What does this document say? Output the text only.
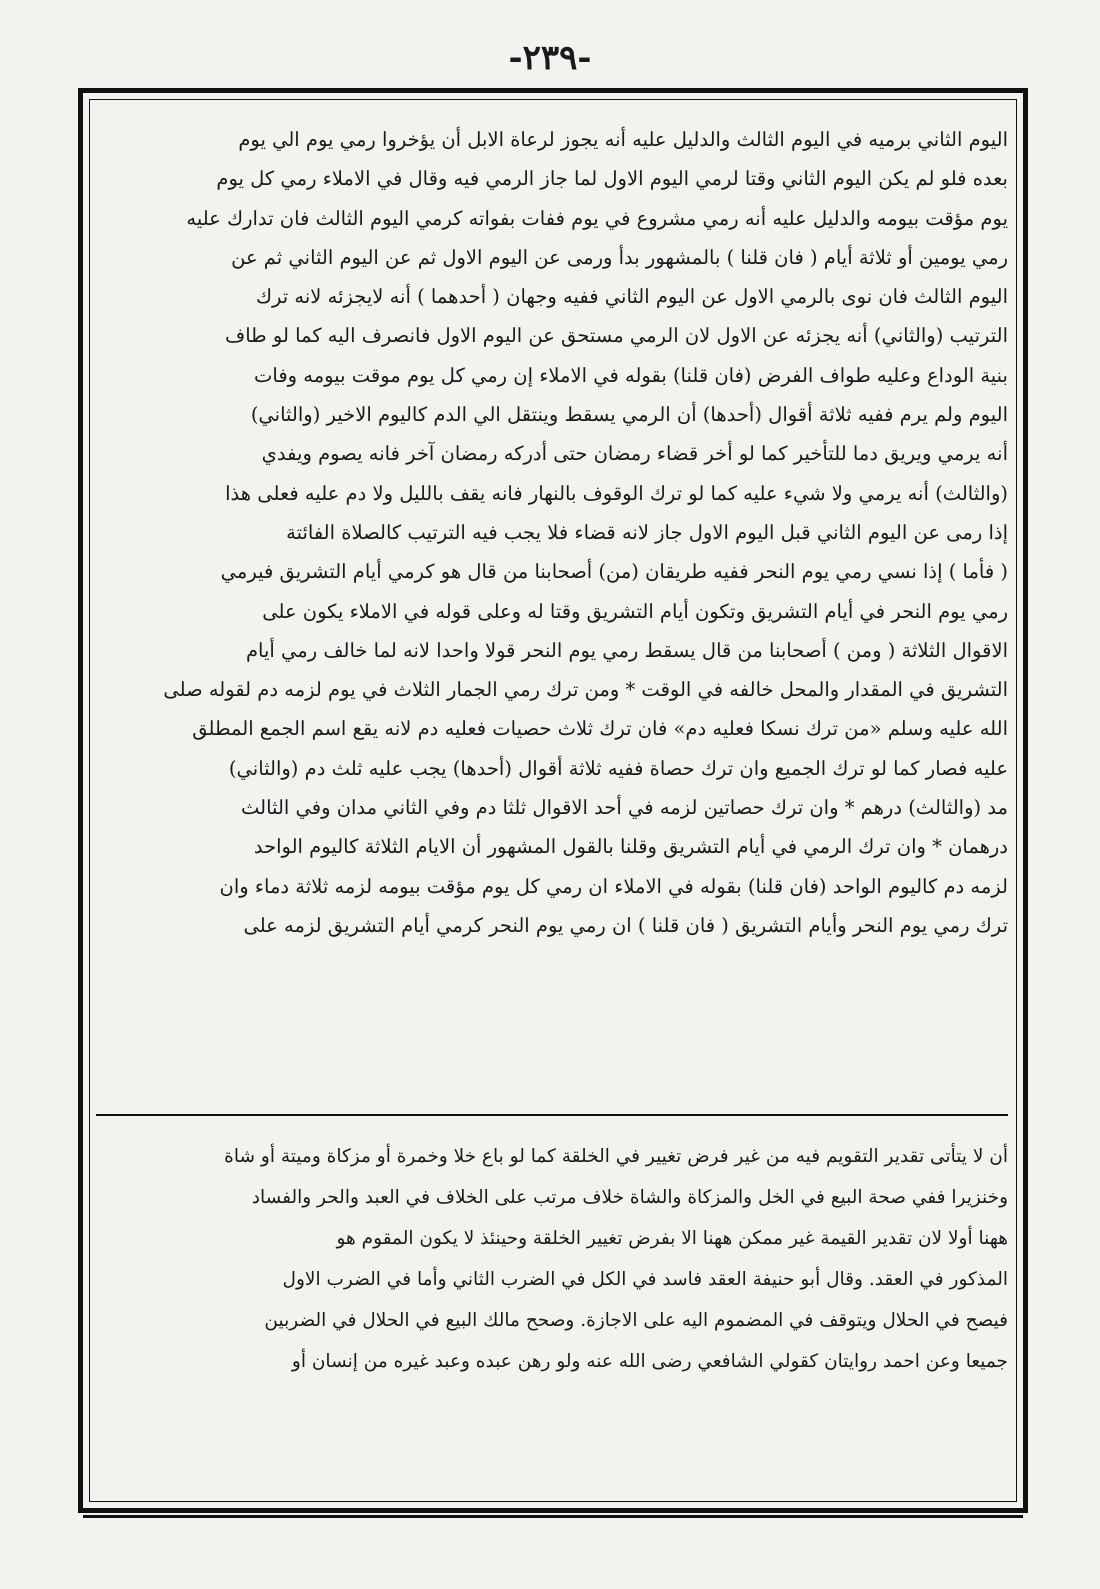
-٢٣٩-
اليوم الثاني برميه في اليوم الثالث والدليل عليه أنه يجوز لرعاة الابل أن يؤخروا رمي يوم الي يوم
بعده فلو لم يكن اليوم الثاني وقتا لرمي اليوم الاول لما جاز الرمي فيه وقال في الاملاء رمي كل يوم
يوم مؤقت بيومه والدليل عليه أنه رمي مشروع في يوم ففات بفواته كرمي اليوم الثالث فان تدارك عليه
رمي يومين أو ثلاثة أيام ( فان قلنا ) بالمشهور بدأ ورمى عن اليوم الاول ثم عن اليوم الثاني ثم عن
اليوم الثالث فان نوى بالرمي الاول عن اليوم الثاني ففيه وجهان ( أحدهما ) أنه لايجزئه لانه ترك
الترتيب (والثاني) أنه يجزئه عن الاول لان الرمي مستحق عن اليوم الاول فانصرف اليه كما لو طاف
بنية الوداع وعليه طواف الفرض (فان قلنا) بقوله في الاملاء إن رمي كل يوم موقت بيومه وفات
اليوم ولم يرم ففيه ثلاثة أقوال (أحدها) أن الرمي يسقط وينتقل الي الدم كاليوم الاخير (والثاني)
أنه يرمي ويريق دما للتأخير كما لو أخر قضاء رمضان حتى أدركه رمضان آخر فانه يصوم ويفدي
(والثالث) أنه يرمي ولا شيء عليه كما لو ترك الوقوف بالنهار فانه يقف بالليل ولا دم عليه فعلى هذا
إذا رمى عن اليوم الثاني قبل اليوم الاول جاز لانه قضاء فلا يجب فيه الترتيب كالصلاة الفائتة
( فأما ) إذا نسي رمي يوم النحر ففيه طريقان (من) أصحابنا من قال هو كرمي أيام التشريق فيرمي
رمي يوم النحر في أيام التشريق وتكون أيام التشريق وقتا له وعلى قوله في الاملاء يكون على
الاقوال الثلاثة ( ومن ) أصحابنا من قال يسقط رمي يوم النحر قولا واحدا لانه لما خالف رمي أيام
التشريق في المقدار والمحل خالفه في الوقت * ومن ترك رمي الجمار الثلاث في يوم لزمه دم لقوله صلى
الله عليه وسلم «من ترك نسكا فعليه دم» فان ترك ثلاث حصيات فعليه دم لانه يقع اسم الجمع المطلق
عليه فصار كما لو ترك الجميع وان ترك حصاة ففيه ثلاثة أقوال (أحدها) يجب عليه ثلث دم (والثاني)
مد (والثالث) درهم * وان ترك حصاتين لزمه في أحد الاقوال ثلثا دم وفي الثاني مدان وفي الثالث
درهمان * وان ترك الرمي في أيام التشريق وقلنا بالقول المشهور أن الايام الثلاثة كاليوم الواحد
لزمه دم كاليوم الواحد (فان قلنا) بقوله في الاملاء ان رمي كل يوم مؤقت بيومه لزمه ثلاثة دماء وان
ترك رمي يوم النحر وأيام التشريق ( فان قلنا ) ان رمي يوم النحر كرمي أيام التشريق لزمه على
أن لا يتأتى تقدير التقويم فيه من غير فرض تغيير في الخلقة كما لو باع خلا وخمرة أو مزكاة وميتة أو شاة
وخنزيرا ففي صحة البيع في الخل والمزكاة والشاة خلاف مرتب على الخلاف في العبد والحر والفساد
ههنا أولا لان تقدير القيمة غير ممكن ههنا الا بفرض تغيير الخلقة وحينئذ لا يكون المقوم هو
المذكور في العقد. وقال أبو حنيفة العقد فاسد في الكل في الضرب الثاني وأما في الضرب الاول
فيصح في الحلال ويتوقف في المضموم اليه على الاجازة. وصحح مالك البيع في الحلال في الضربين
جميعا وعن احمد روايتان كقولي الشافعي رضى الله عنه ولو رهن عبده وعبد غيره من إنسان أو
